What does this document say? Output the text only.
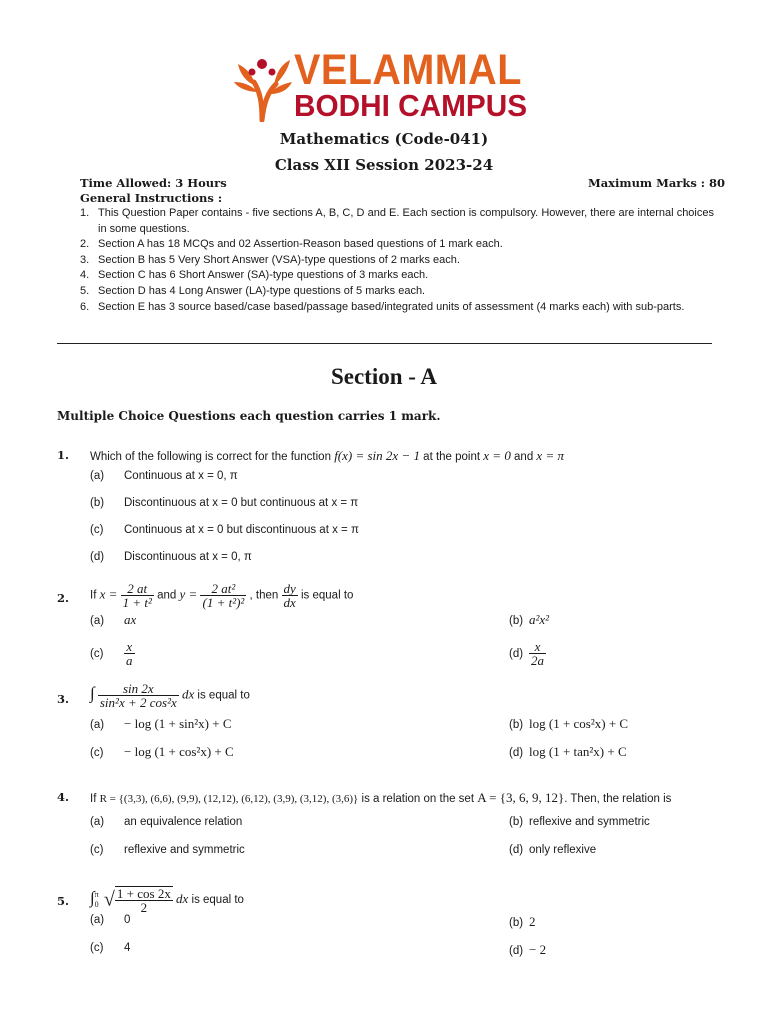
VELAMMAL
BODHI CAMPUS
Mathematics (Code-041)
Class XII Session 2023-24
Time Allowed: 3 Hours	Maximum Marks : 80
General Instructions :
1. This Question Paper contains - five sections A, B, C, D and E. Each section is compulsory. However, there are internal choices in some questions.
2. Section A has 18 MCQs and 02 Assertion-Reason based questions of 1 mark each.
3. Section B has 5 Very Short Answer (VSA)-type questions of 2 marks each.
4. Section C has 6 Short Answer (SA)-type questions of 3 marks each.
5. Section D has 4 Long Answer (LA)-type questions of 5 marks each.
6. Section E has 3 source based/case based/passage based/integrated units of assessment (4 marks each) with sub-parts.
Section - A
Multiple Choice Questions each question carries 1 mark.
1. Which of the following is correct for the function f(x) = sin 2x − 1 at the point x = 0 and x = π
(a) Continuous at x = 0, π
(b) Discontinuous at x = 0 but continuous at x = π
(c) Continuous at x = 0 but discontinuous at x = π
(d) Discontinuous at x = 0, π
2. If $x = \frac{2 at}{\text{1 + t²}}$ and $y = \frac{\text{2 at²}}{\text{(1 + t²)²}}$ , then $\frac{dy}{dx}$ is equal to
(a) ax	(b) a²x²
$(c) \frac{x}{a}$	$(d) \frac{x}{2a}$
3. ∫ $\frac{\sin 2x}{\text{sin²x + 2 cos²x}}$ dx is equal to
(a) − log (1 + sin²x) + C	(b) log (1 + cos²x) + C
(c) − log (1 + cos²x) + C	(d) log (1 + tan²x) + C
4. If R = {(3,3), (6,6), (9,9), (12,12), (6,12), (3,9), (3,12), (3,6)} is a relation on the set A = {3, 6, 9, 12}. Then, the relation is
(a) an equivalence relation	(b) reflexive and symmetric
(c) reflexive and symmetric	(d) only reflexive
5. ∫ π
0 √ $\frac{1 + \cos 2x}{2}$ dx is equal to
(a) 0	(b) 2
(c) 4	(d) − 2
